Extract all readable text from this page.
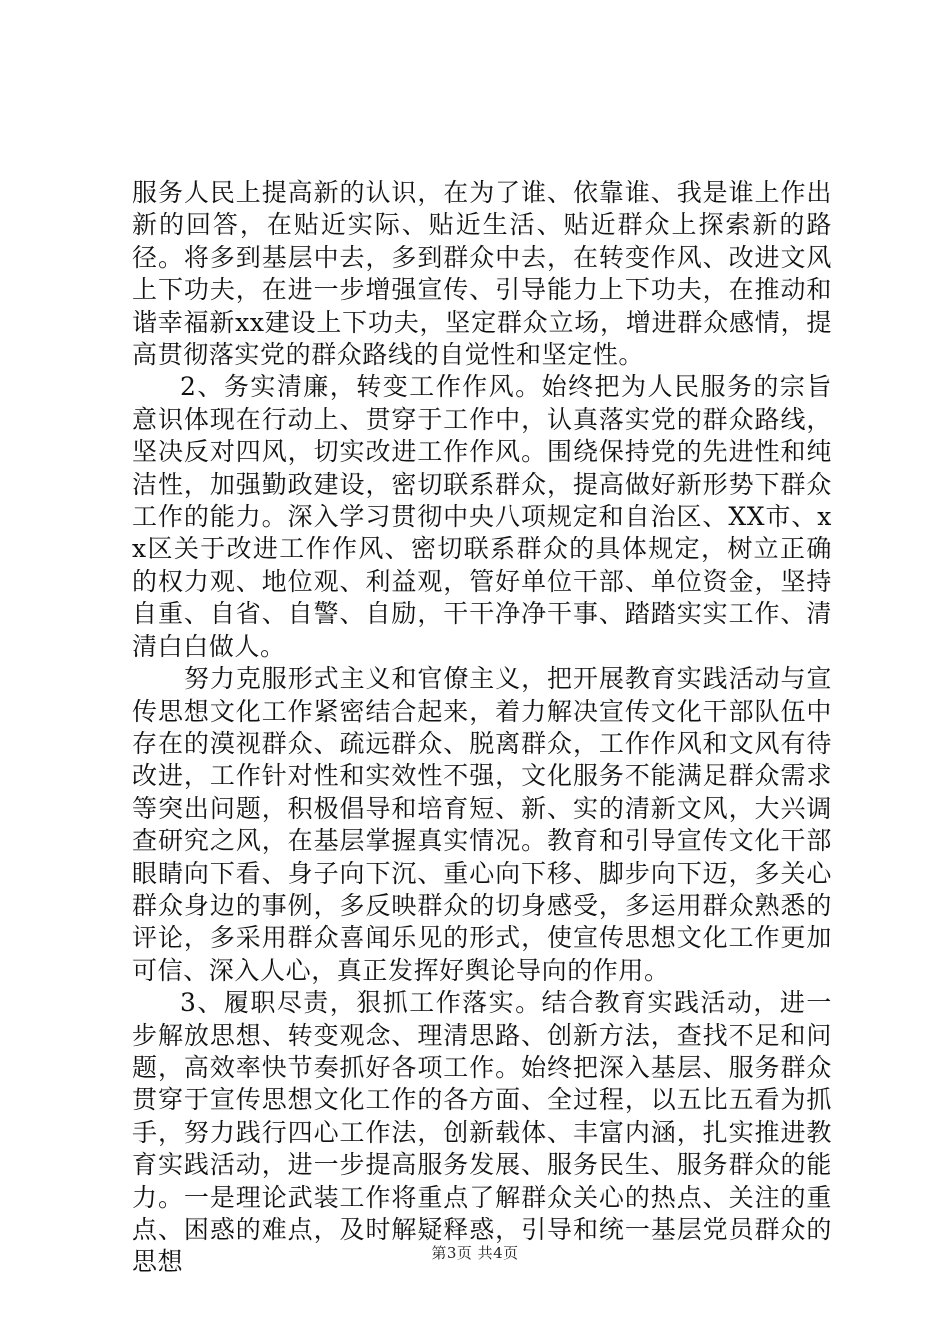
服务人民上提高新的认识，在为了谁、依靠谁、我是谁上作出新的回答，在贴近实际、贴近生活、贴近群众上探索新的路径。将多到基层中去，多到群众中去，在转变作风、改进文风上下功夫，在进一步增强宣传、引导能力上下功夫，在推动和谐幸福新xx建设上下功夫，坚定群众立场，增进群众感情，提高贯彻落实党的群众路线的自觉性和坚定性。

2、务实清廉，转变工作作风。始终把为人民服务的宗旨意识体现在行动上、贯穿于工作中，认真落实党的群众路线，坚决反对四风，切实改进工作作风。围绕保持党的先进性和纯洁性，加强勤政建设，密切联系群众，提高做好新形势下群众工作的能力。深入学习贯彻中央八项规定和自治区、XX市、xx区关于改进工作作风、密切联系群众的具体规定，树立正确的权力观、地位观、利益观，管好单位干部、单位资金，坚持自重、自省、自警、自励，干干净净干事、踏踏实实工作、清清白白做人。

努力克服形式主义和官僚主义，把开展教育实践活动与宣传思想文化工作紧密结合起来，着力解决宣传文化干部队伍中存在的漠视群众、疏远群众、脱离群众，工作作风和文风有待改进，工作针对性和实效性不强，文化服务不能满足群众需求等突出问题，积极倡导和培育短、新、实的清新文风，大兴调查研究之风，在基层掌握真实情况。教育和引导宣传文化干部眼睛向下看、身子向下沉、重心向下移、脚步向下迈，多关心群众身边的事例，多反映群众的切身感受，多运用群众熟悉的评论，多采用群众喜闻乐见的形式，使宣传思想文化工作更加可信、深入人心，真正发挥好舆论导向的作用。

3、履职尽责，狠抓工作落实。结合教育实践活动，进一步解放思想、转变观念、理清思路、创新方法，查找不足和问题，高效率快节奏抓好各项工作。始终把深入基层、服务群众贯穿于宣传思想文化工作的各方面、全过程，以五比五看为抓手，努力践行四心工作法，创新载体、丰富内涵，扎实推进教育实践活动，进一步提高服务发展、服务民生、服务群众的能力。一是理论武装工作将重点了解群众关心的热点、关注的重点、困惑的难点，及时解疑释惑，引导和统一基层党员群众的思想	第3页 共4页
